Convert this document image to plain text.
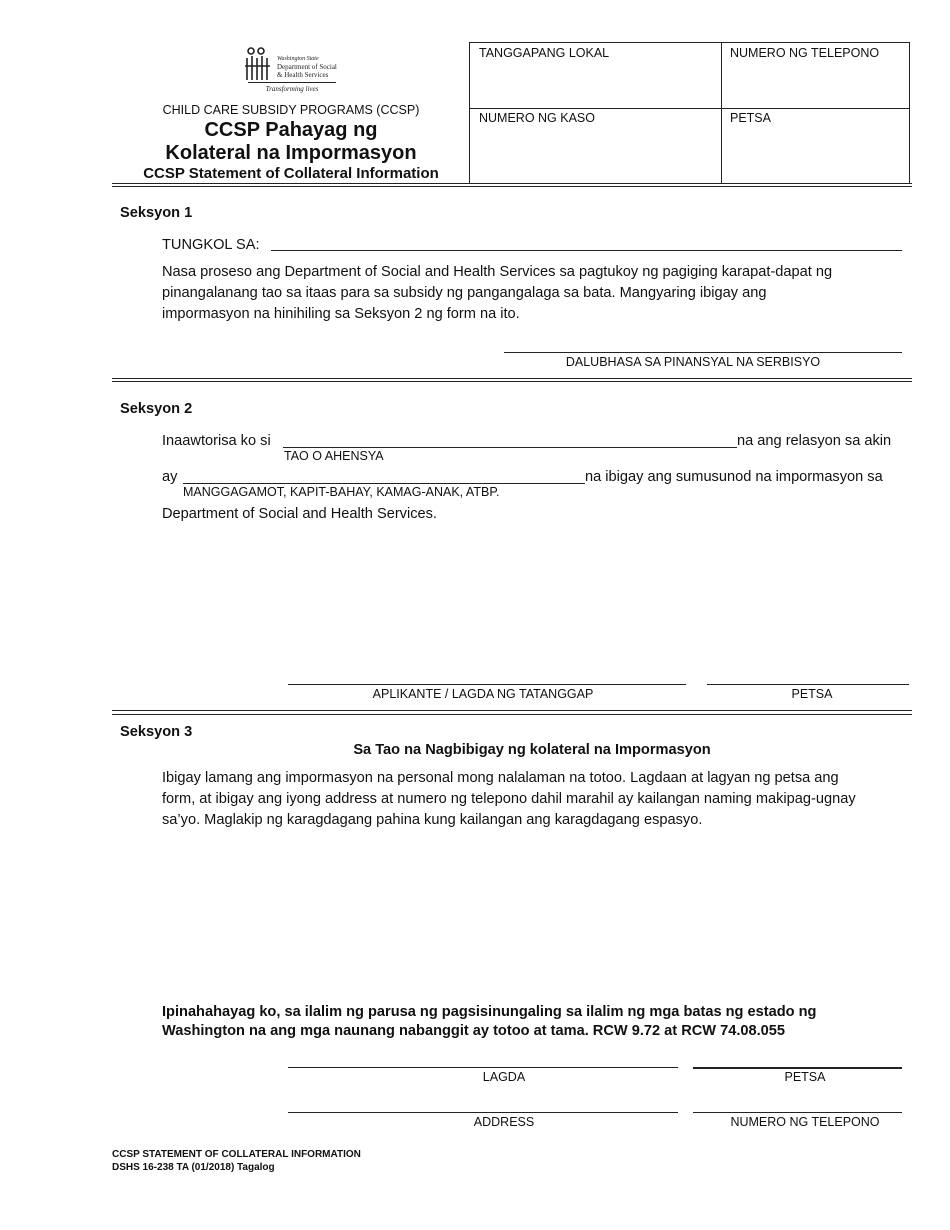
Washington State
Department of Social
& Health Services
Transforming lives
CHILD CARE SUBSIDY PROGRAMS (CCSP)
CCSP Pahayag ng
Kolateral na Impormasyon
CCSP Statement of Collateral Information
TANGGAPANG LOKAL	NUMERO NG TELEPONO
NUMERO NG KASO	PETSA
Seksyon 1
TUNGKOL SA:
Nasa proseso ang Department of Social and Health Services sa pagtukoy ng pagiging karapat-dapat ng
pinangalanang tao sa itaas para sa subsidy ng pangangalaga sa bata. Mangyaring ibigay ang
impormasyon na hinihiling sa Seksyon 2 ng form na ito.
DALUBHASA SA PINANSYAL NA SERBISYO
Seksyon 2
Inaawtorisa ko si	na ang relasyon sa akin
TAO O AHENSYA
ay	na ibigay ang sumusunod na impormasyon sa
MANGGAGAMOT, KAPIT-BAHAY, KAMAG-ANAK, ATBP.
Department of Social and Health Services.
APLIKANTE / LAGDA NG TATANGGAP	PETSA
Seksyon 3
Sa Tao na Nagbibigay ng kolateral na Impormasyon
Ibigay lamang ang impormasyon na personal mong nalalaman na totoo. Lagdaan at lagyan ng petsa ang
form, at ibigay ang iyong address at numero ng telepono dahil marahil ay kailangan naming makipag-ugnay
sa’yo. Maglakip ng karagdagang pahina kung kailangan ang karagdagang espasyo.
Ipinahahayag ko, sa ilalim ng parusa ng pagsisinungaling sa ilalim ng mga batas ng estado ng
Washington na ang mga naunang nabanggit ay totoo at tama. RCW 9.72 at RCW 74.08.055
LAGDA	PETSA
ADDRESS	NUMERO NG TELEPONO
CCSP STATEMENT OF COLLATERAL INFORMATION
DSHS 16-238 TA (01/2018) Tagalog
